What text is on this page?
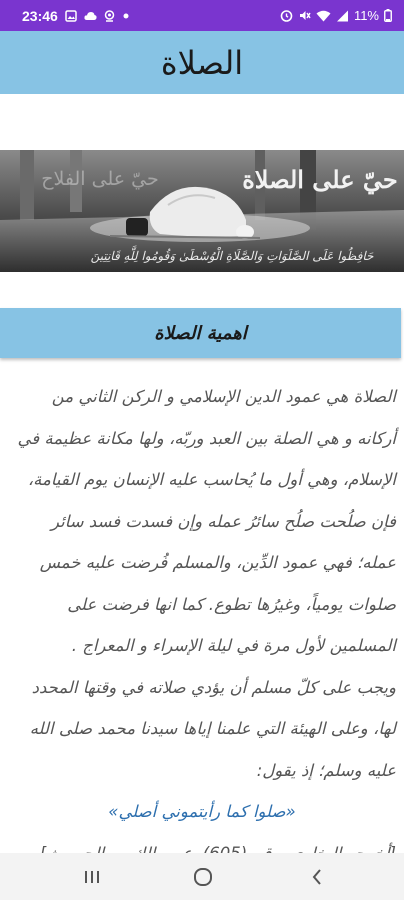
23:46	11%
الصلاة
حيّ على الفلاح	حيّ على الصلاة
حَافِظُوا عَلَى الصَّلَوَاتِ وَالصَّلَاةِ الْوُسْطَىٰ وَقُومُوا لِلَّهِ قَانِتِينَ
اهمية الصلاة

الصلاة هي عمود الدين الإسلامي و الركن الثاني من أركانه و هي الصلة بين العبد وربّه، ولها مكانة عظيمة في الإسلام، وهي أول ما يُحاسب عليه الإنسان يوم القيامة، فإن صلُحت صلُح سائرُ عمله وإن فسدت فسد سائر عمله؛ فهي عمود الدِّين، والمسلم فُرضت عليه خمس صلوات يومياً، وغيرُها تطوع. كما انها فرضت على المسلمين لأول مرة في ليلة الإسراء و المعراج .

ويجب على كلّ مسلم أن يؤدي صلاته في وقتها المحدد لها، وعلى الهيئة التي علمنا إياها سيدنا محمد صلى الله عليه وسلم؛ إذ يقول:

«صلوا كما رأيتموني أصلي»
